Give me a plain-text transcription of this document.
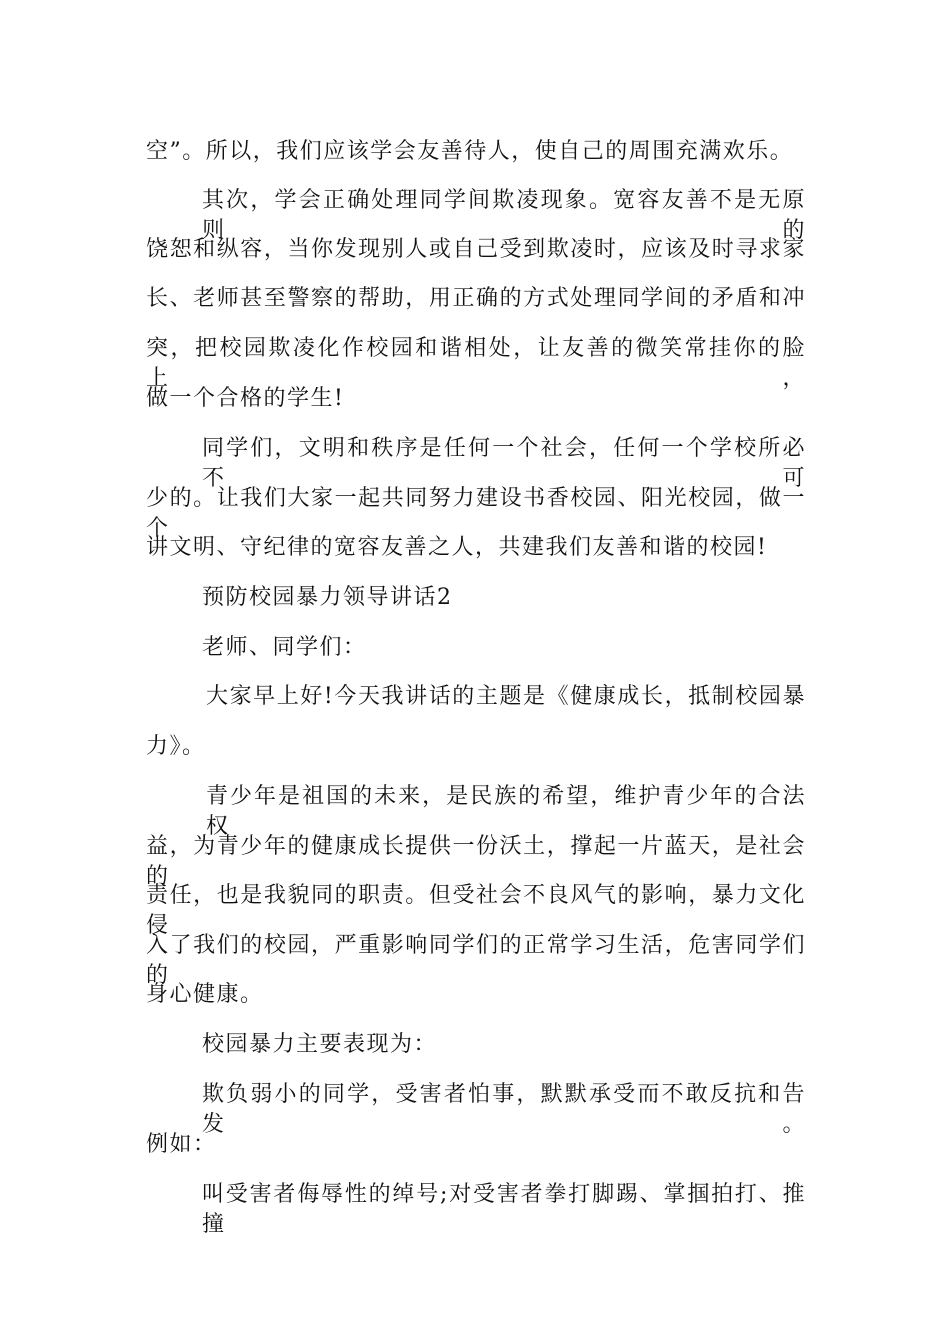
空”。所以，我们应该学会友善待人，使自己的周围充满欢乐。
其次，学会正确处理同学间欺凌现象。宽容友善不是无原则的
饶恕和纵容，当你发现别人或自己受到欺凌时，应该及时寻求家
长、老师甚至警察的帮助，用正确的方式处理同学间的矛盾和冲
突，把校园欺凌化作校园和谐相处，让友善的微笑常挂你的脸上，
做一个合格的学生!
同学们，文明和秩序是任何一个社会，任何一个学校所必不可
少的。让我们大家一起共同努力建设书香校园、阳光校园，做一个
讲文明、守纪律的宽容友善之人，共建我们友善和谐的校园!
预防校园暴力领导讲话2
老师、同学们：
大家早上好!今天我讲话的主题是《健康成长，抵制校园暴
力》。
青少年是祖国的未来，是民族的希望，维护青少年的合法权
益，为青少年的健康成长提供一份沃土，撑起一片蓝天，是社会的
责任，也是我貌同的职责。但受社会不良风气的影响，暴力文化侵
入了我们的校园，严重影响同学们的正常学习生活，危害同学们的
身心健康。
校园暴力主要表现为：
欺负弱小的同学，受害者怕事，默默承受而不敢反抗和告发。
例如：
叫受害者侮辱性的绰号;对受害者拳打脚踢、掌掴拍打、推撞
